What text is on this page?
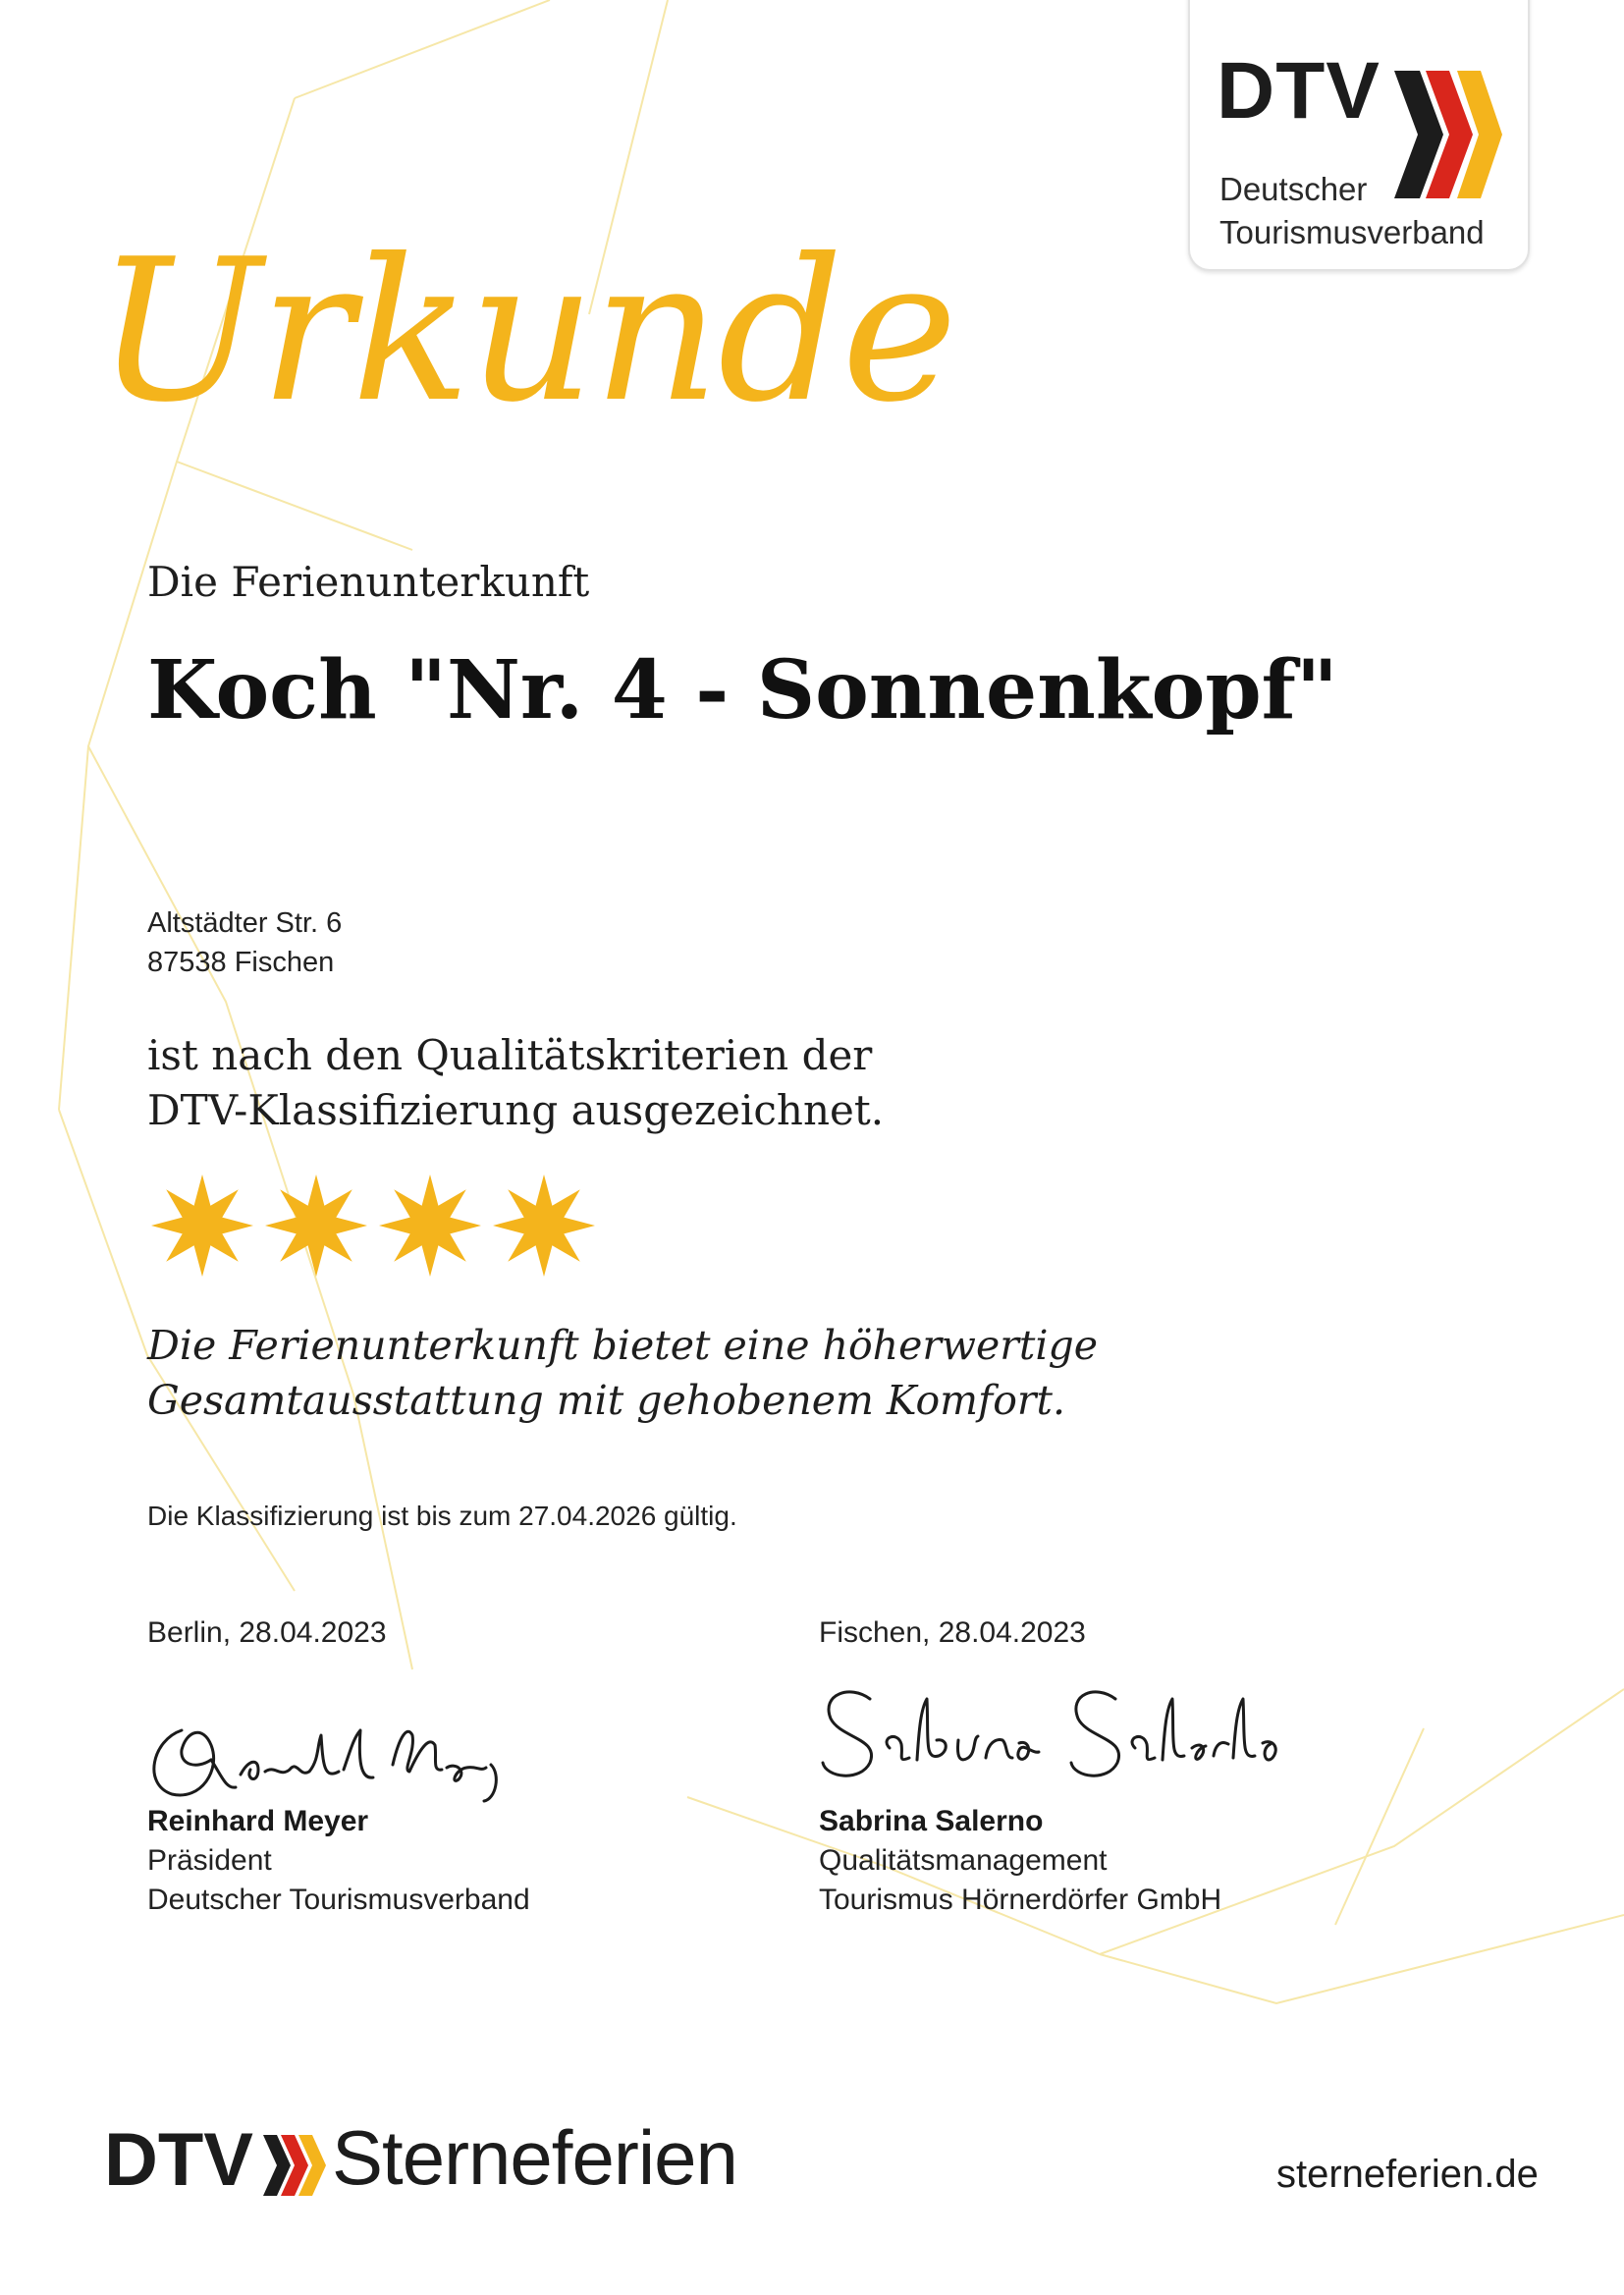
DTV
Deutscher
Tourismusverband
Urkunde
Die Ferienunterkunft
Koch "Nr. 4 - Sonnenkopf"
Altstädter Str. 6
87538 Fischen
ist nach den Qualitätskriterien der
DTV-Klassifizierung ausgezeichnet.
Die Ferienunterkunft bietet eine höherwertige
Gesamtausstattung mit gehobenem Komfort.
Die Klassifizierung ist bis zum 27.04.2026 gültig.
Berlin, 28.04.2023
Reinhard Meyer
Präsident
Deutscher Tourismusverband
Fischen, 28.04.2023
Sabrina Salerno
Qualitätsmanagement
Tourismus Hörnerdörfer GmbH
DTV Sterneferien	sterneferien.de
